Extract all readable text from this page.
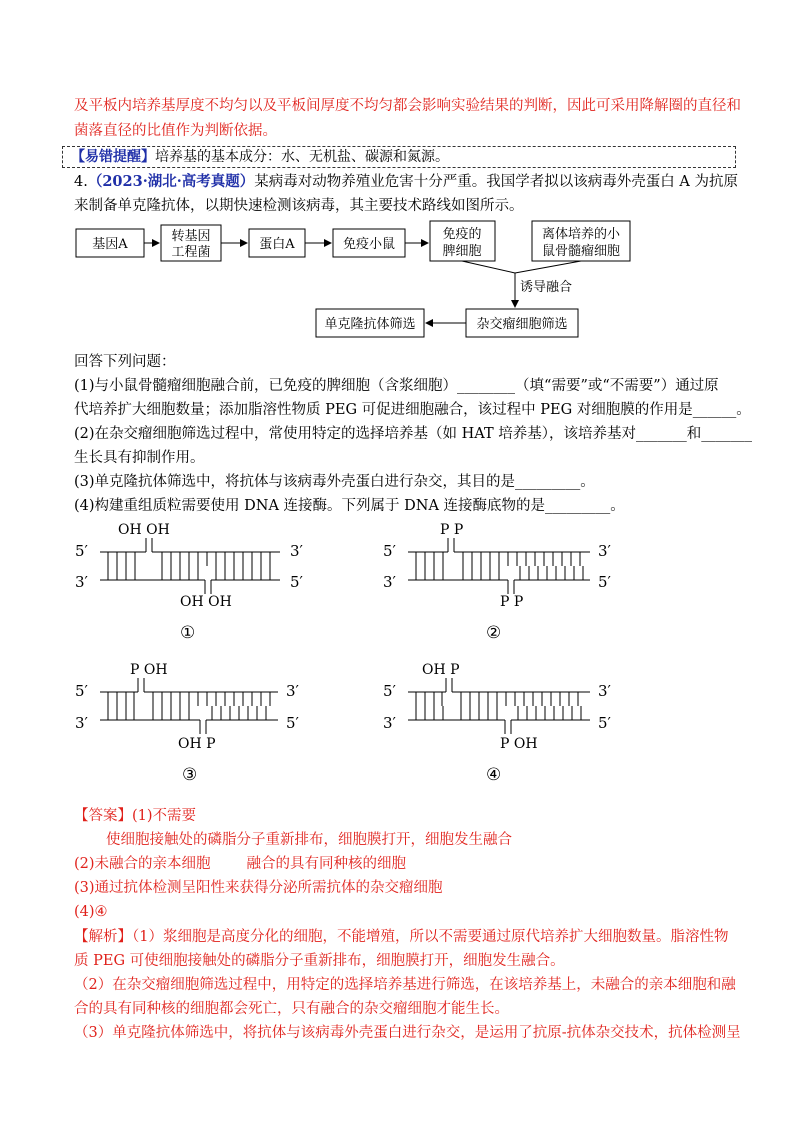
及平板内培养基厚度不均匀以及平板间厚度不均匀都会影响实验结果的判断，因此可采用降解圈的直径和
菌落直径的比值作为判断依据。
【易错提醒】培养基的基本成分：水、无机盐、碳源和氮源。
4.（2023·湖北·高考真题）某病毒对动物养殖业危害十分严重。我国学者拟以该病毒外壳蛋白 A 为抗原
来制备单克隆抗体，以期快速检测该病毒，其主要技术路线如图所示。
基因A
转基因
工程菌
蛋白A	免疫小鼠
免疫的
脾细胞
离体培养的小
鼠骨髓瘤细胞
杂交瘤细胞筛选
单克隆抗体筛选
诱导融合
回答下列问题：
(1)与小鼠骨髓瘤细胞融合前，已免疫的脾细胞（含浆细胞）________（填“需要”或“不需要”）通过原
代培养扩大细胞数量；添加脂溶性物质 PEG 可促进细胞融合，该过程中 PEG 对细胞膜的作用是______。
(2)在杂交瘤细胞筛选过程中，常使用特定的选择培养基（如 HAT 培养基），该培养基对_______和_______
生长具有抑制作用。
(3)单克隆抗体筛选中，将抗体与该病毒外壳蛋白进行杂交，其目的是_________。
(4)构建重组质粒需要使用 DNA 连接酶。下列属于 DNA 连接酶底物的是_________。
5′
3′
3′
5′
OH OH
OH OH
①
5′
3′
3′
5′
P P
P P
②
5′
3′
3′
5′
P OH
OH P
③
5′
3′
3′
5′
OH P
P OH
④
【答案】(1)不需要
使细胞接触处的磷脂分子重新排布，细胞膜打开，细胞发生融合
(2)未融合的亲本细胞 融合的具有同种核的细胞
(3)通过抗体检测呈阳性来获得分泌所需抗体的杂交瘤细胞
(4)④
【解析】（1）浆细胞是高度分化的细胞，不能增殖，所以不需要通过原代培养扩大细胞数量。脂溶性物
质 PEG 可使细胞接触处的磷脂分子重新排布，细胞膜打开，细胞发生融合。
（2）在杂交瘤细胞筛选过程中，用特定的选择培养基进行筛选，在该培养基上，未融合的亲本细胞和融
合的具有同种核的细胞都会死亡，只有融合的杂交瘤细胞才能生长。
（3）单克隆抗体筛选中，将抗体与该病毒外壳蛋白进行杂交，是运用了抗原-抗体杂交技术，抗体检测呈
